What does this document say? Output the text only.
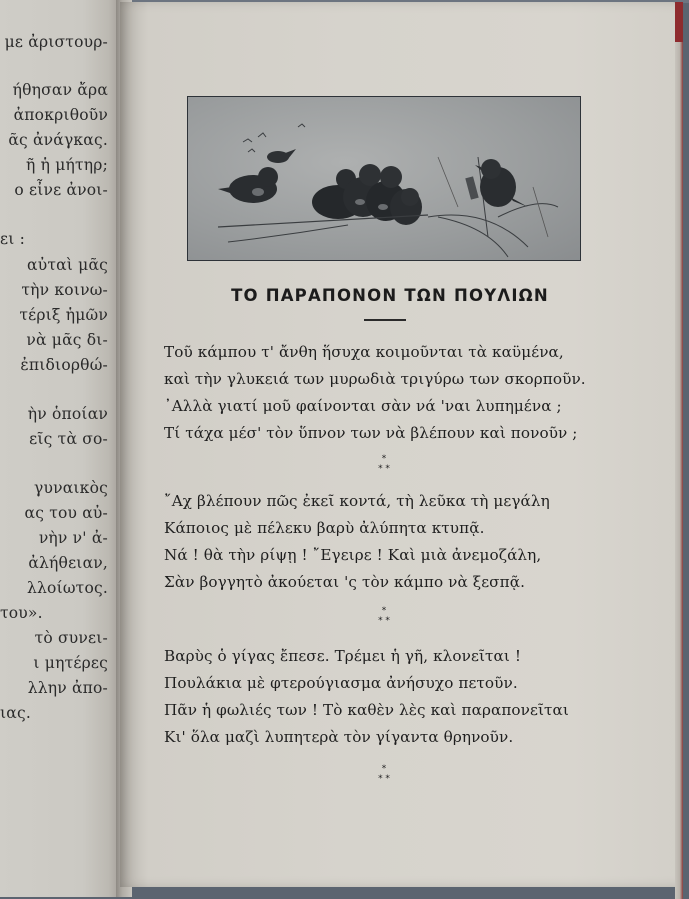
με ἀριστουρ-
ήθησαν ἄρα
ἀποκριθοῦν
ᾶς ἀνάγκας.
ῆ ἡ μήτηρ;
ο εἶνε ἀνοι-
ει :
αὐταὶ μᾶς
τὴν κοινω-
τέριξ ἡμῶν
νὰ μᾶς δι-
ἐπιδιορθώ-
ὴν ὁποίαν
εῖς τὰ σο-
γυναικὸς
ας του αὐ-
νὴν ν' ἀ-
ἀλήθειαν,
λλοίωτος.
του».
τὸ συνει-
ι μητέρες
λλην ἀπο-
ιας.
ΤΟ ΠΑΡΑΠΟΝΟΝ ΤΩΝ ΠΟΥΛΙΩΝ
Τοῦ κάμπου τ' ἄνθη ἥσυχα κοιμοῦνται τὰ καϋμένα,
καὶ τὴν γλυκειά των μυρωδιὰ τριγύρω των σκορποῦν.
᾿Αλλὰ γιατί μοῦ φαίνονται σὰν νά 'ναι λυπημένα ;
Τί τάχα μέσ' τὸν ὕπνον των νὰ βλέπουν καὶ πονοῦν ;
*
* *
῎Αχ βλέπουν πῶς ἐκεῖ κοντά, τὴ λεῦκα τὴ μεγάλη
Κάποιος μὲ πέλεκυ βαρὺ ἀλύπητα κτυπᾷ.
Νά ! θὰ τὴν ρίψῃ ! ῎Εγειρε ! Καὶ μιὰ ἀνεμοζάλη,
Σὰν βογγητὸ ἀκούεται 'ς τὸν κάμπο νὰ ξεσπᾷ.
*
* *
Βαρὺς ὁ γίγας ἔπεσε. Τρέμει ἡ γῆ, κλονεῖται !
Πουλάκια μὲ φτερούγιασμα ἀνήσυχο πετοῦν.
Πᾶν ἡ φωλιές των ! Τὸ καθὲν λὲς καὶ παραπονεῖται
Κι' ὅλα μαζὶ λυπητερὰ τὸν γίγαντα θρηνοῦν.
*
* *
